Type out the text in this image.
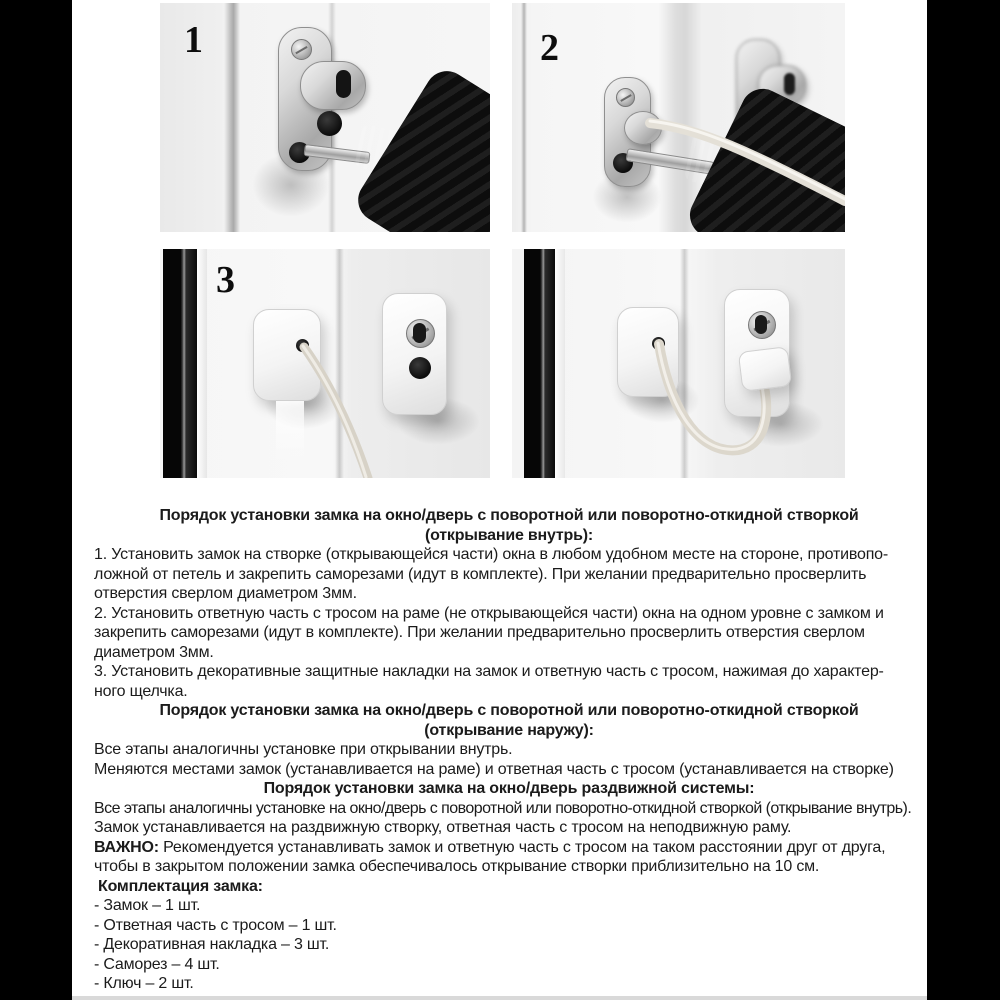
1	2
3

Порядок установки замка на окно/дверь с поворотной или поворотно-откидной створкой

(открывание внутрь):

1. Установить замок на створке (открывающейся части) окна в любом удобном месте на стороне, противопо-

ложной от петель и закрепить саморезами (идут в комплекте). При желании предварительно просверлить

отверстия сверлом диаметром 3мм.

2. Установить ответную часть с тросом на раме (не открывающейся части) окна на одном уровне с замком и

закрепить саморезами (идут в комплекте). При желании предварительно просверлить отверстия сверлом

диаметром 3мм.

3. Установить декоративные защитные накладки на замок и ответную часть с тросом, нажимая до характер-

ного щелчка.

Порядок установки замка на окно/дверь с поворотной или поворотно-откидной створкой

(открывание наружу):

Все этапы аналогичны установке при открывании внутрь.

Меняются местами замок (устанавливается на раме) и ответная часть с тросом (устанавливается на створке)

Порядок установки замка на окно/дверь раздвижной системы:

Все этапы аналогичны установке на окно/дверь с поворотной или поворотно-откидной створкой (открывание внутрь).

Замок устанавливается на раздвижную створку, ответная часть с тросом на неподвижную раму.

ВАЖНО: Рекомендуется устанавливать замок и ответную часть с тросом на таком расстоянии друг от друга,

чтобы в закрытом положении замка обеспечивалось открывание створки приблизительно на 10 см.

Комплектация замка:

- Замок – 1 шт.

- Ответная часть с тросом – 1 шт.

- Декоративная накладка – 3 шт.

- Саморез – 4 шт.

- Ключ – 2 шт.
